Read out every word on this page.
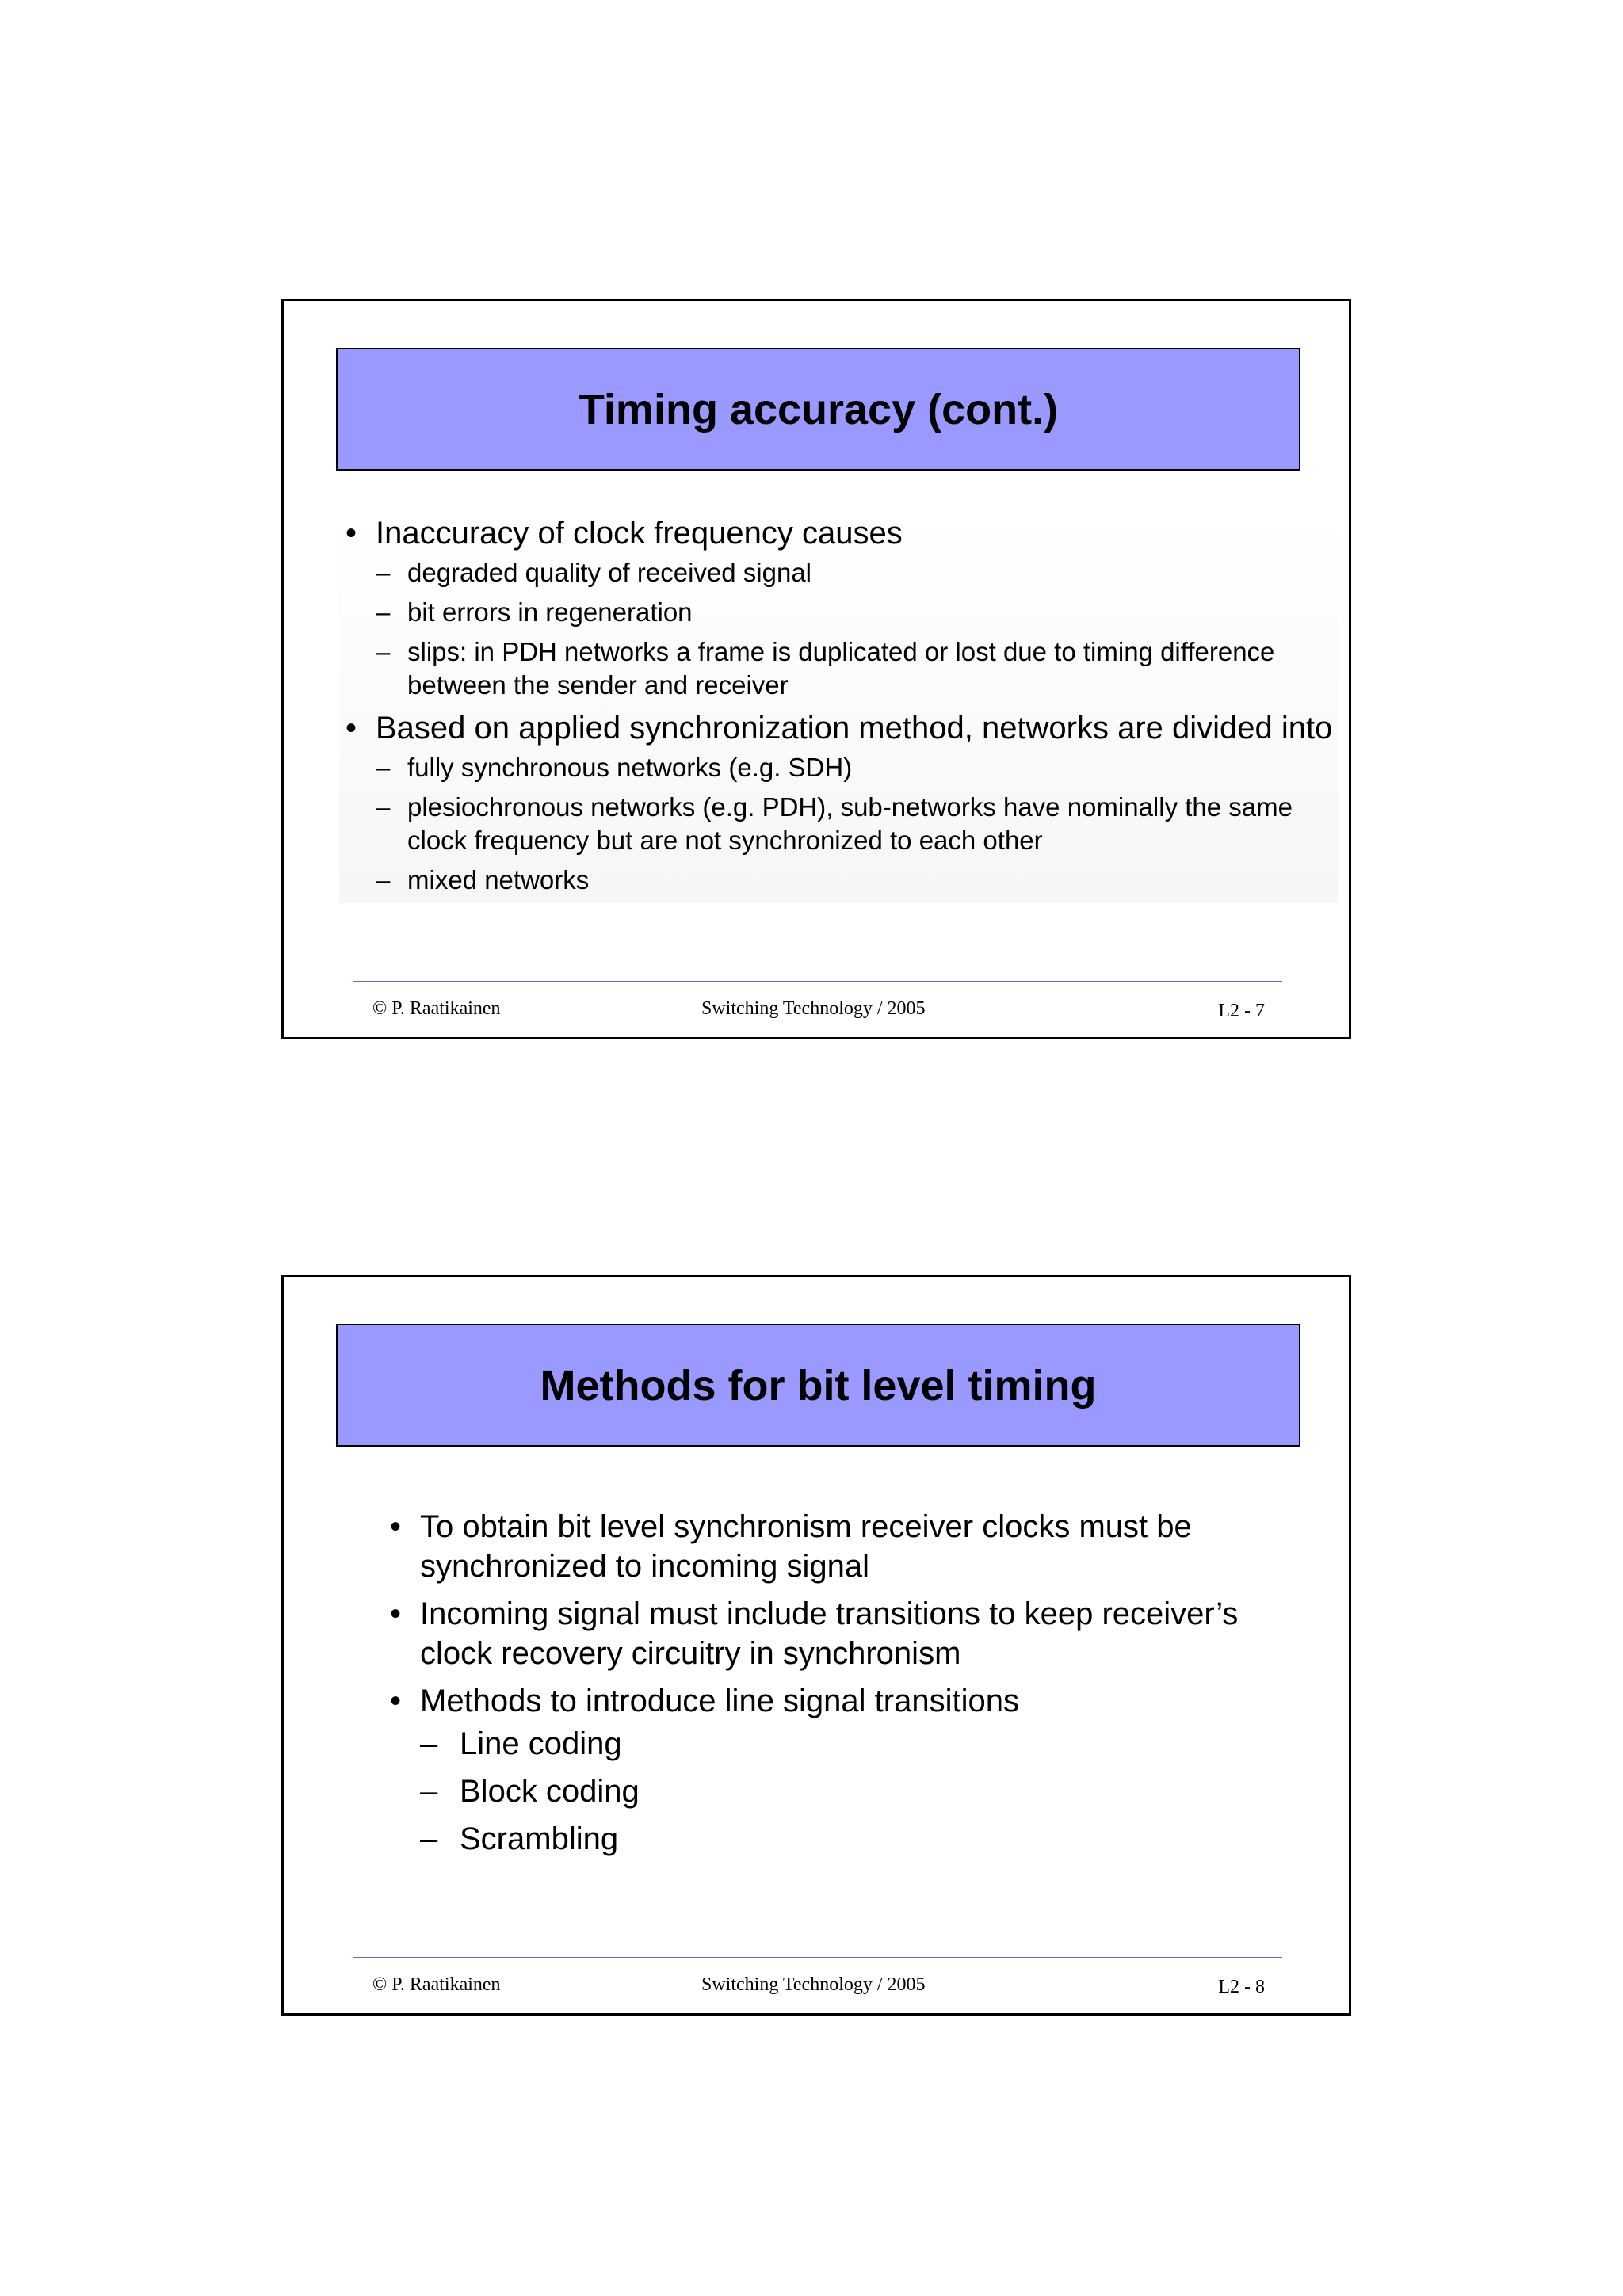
Timing accuracy (cont.)
• Inaccuracy of clock frequency causes
– degraded quality of received signal
– bit errors in regeneration
– slips: in PDH networks a frame is duplicated or lost due to timing difference between the sender and receiver
• Based on applied synchronization method, networks are divided into
– fully synchronous networks (e.g. SDH)
– plesiochronous networks (e.g. PDH), sub-networks have nominally the same clock frequency but are not synchronized to each other
– mixed networks
© P. Raatikainen	Switching Technology / 2005	L2 - 7
Methods for bit level timing
• To obtain bit level synchronism receiver clocks must be synchronized to incoming signal
• Incoming signal must include transitions to keep receiver’s clock recovery circuitry in synchronism
• Methods to introduce line signal transitions
– Line coding
– Block coding
– Scrambling
© P. Raatikainen	Switching Technology / 2005	L2 - 8
